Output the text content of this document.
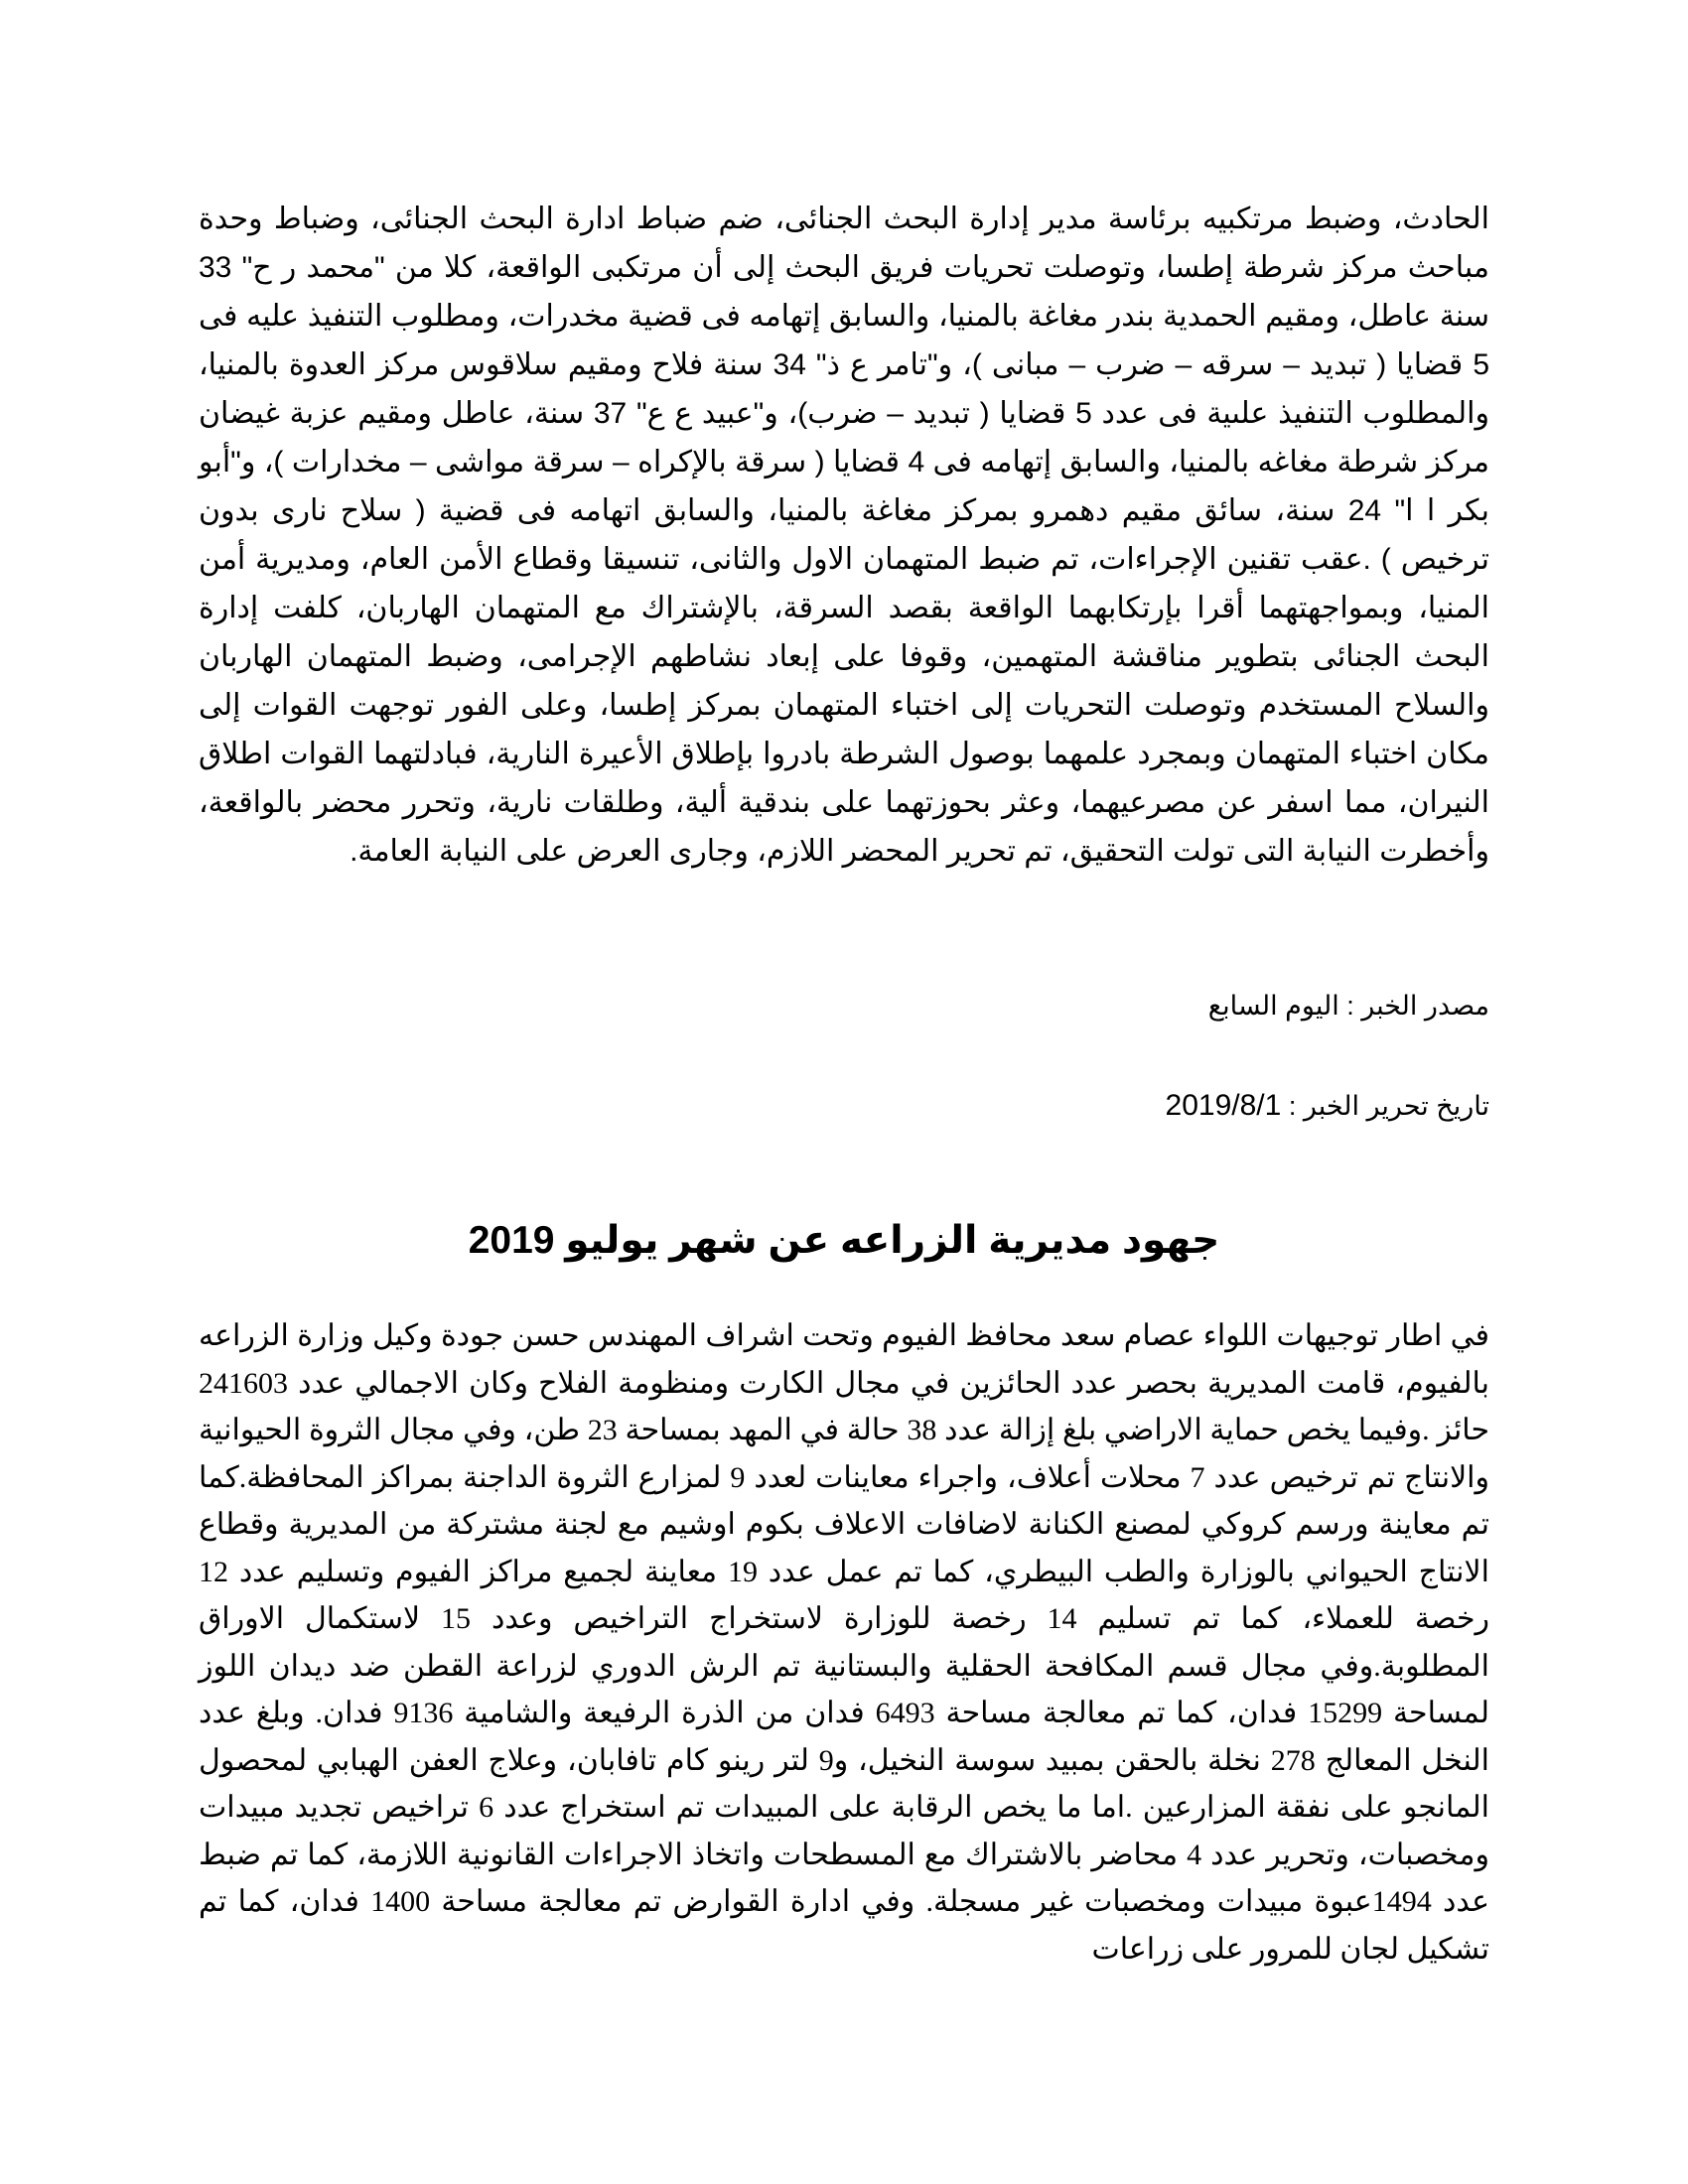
الحادث، وضبط مرتكبيه برئاسة مدير إدارة البحث الجنائى، ضم ضباط ادارة البحث الجنائى، وضباط وحدة مباحث مركز شرطة إطسا، وتوصلت تحريات فريق البحث إلى أن مرتكبى الواقعة، كلا من "محمد ر ح" 33 سنة عاطل، ومقيم الحمدية بندر مغاغة بالمنيا، والسابق إتهامه فى قضية مخدرات، ومطلوب التنفيذ عليه فى 5 قضايا ( تبديد – سرقه – ضرب – مبانى )، و"تامر ع ذ" 34 سنة فلاح ومقيم سلاقوس مركز العدوة بالمنيا، والمطلوب التنفيذ علىية فى عدد 5 قضايا ( تبديد – ضرب)، و"عبيد ع ع" 37 سنة، عاطل ومقيم عزبة غيضان مركز شرطة مغاغه بالمنيا، والسابق إتهامه فى 4 قضايا ( سرقة بالإكراه – سرقة مواشى – مخدارات )، و"أبو بكر ا ا" 24 سنة، سائق مقيم دهمرو بمركز مغاغة بالمنيا، والسابق اتهامه فى قضية ( سلاح نارى بدون ترخيص ) .عقب تقنين الإجراءات، تم ضبط المتهمان الاول والثانى، تنسيقا وقطاع الأمن العام، ومديرية أمن المنيا، وبمواجهتهما أقرا بإرتكابهما الواقعة بقصد السرقة، بالإشتراك مع المتهمان الهاربان، كلفت إدارة البحث الجنائى بتطوير مناقشة المتهمين، وقوفا على إبعاد نشاطهم الإجرامى، وضبط المتهمان الهاربان والسلاح المستخدم وتوصلت التحريات إلى اختباء المتهمان بمركز إطسا، وعلى الفور توجهت القوات إلى مكان اختباء المتهمان وبمجرد علمهما بوصول الشرطة بادروا بإطلاق الأعيرة النارية، فبادلتهما القوات اطلاق النيران، مما اسفر عن مصرعيهما، وعثر بحوزتهما على بندقية ألية، وطلقات نارية، وتحرر محضر بالواقعة، وأخطرت النيابة التى تولت التحقيق، تم تحرير المحضر اللازم، وجارى العرض على النيابة العامة.

مصدر الخبر : اليوم السابع

تاريخ تحرير الخبر : 2019/8/1

جهود مديرية الزراعه عن شهر يوليو 2019

في اطار توجيهات اللواء عصام سعد محافظ الفيوم وتحت اشراف المهندس حسن جودة وكيل وزارة الزراعه بالفيوم، قامت المديرية بحصر عدد الحائزين في مجال الكارت ومنظومة الفلاح وكان الاجمالي عدد 241603 حائز .وفيما يخص حماية الاراضي بلغ إزالة عدد 38 حالة في المهد بمساحة 23 طن، وفي مجال الثروة الحيوانية والانتاج تم ترخيص عدد 7 محلات أعلاف، واجراء معاينات لعدد 9 لمزارع الثروة الداجنة بمراكز المحافظة.كما تم معاينة ورسم كروكي لمصنع الكنانة لاضافات الاعلاف بكوم اوشيم مع لجنة مشتركة من المديرية وقطاع الانتاج الحيواني بالوزارة والطب البيطري، كما تم عمل عدد 19 معاينة لجميع مراكز الفيوم وتسليم عدد 12 رخصة للعملاء، كما تم تسليم 14 رخصة للوزارة لاستخراج التراخيص وعدد 15 لاستكمال الاوراق المطلوبة.وفي مجال قسم المكافحة الحقلية والبستانية تم الرش الدوري لزراعة القطن ضد ديدان اللوز لمساحة 15299 فدان، كما تم معالجة مساحة 6493 فدان من الذرة الرفيعة والشامية 9136 فدان. وبلغ عدد النخل المعالج 278 نخلة بالحقن بمبيد سوسة النخيل، و9 لتر رينو كام تافابان، وعلاج العفن الهبابي لمحصول المانجو على نفقة المزارعين .اما ما يخص الرقابة على المبيدات تم استخراج عدد 6 تراخيص تجديد مبيدات ومخصبات، وتحرير عدد 4 محاضر بالاشتراك مع المسطحات واتخاذ الاجراءات القانونية اللازمة، كما تم ضبط عدد 1494عبوة مبيدات ومخصبات غير مسجلة. وفي ادارة القوارض تم معالجة مساحة 1400 فدان، كما تم تشكيل لجان للمرور على زراعات
